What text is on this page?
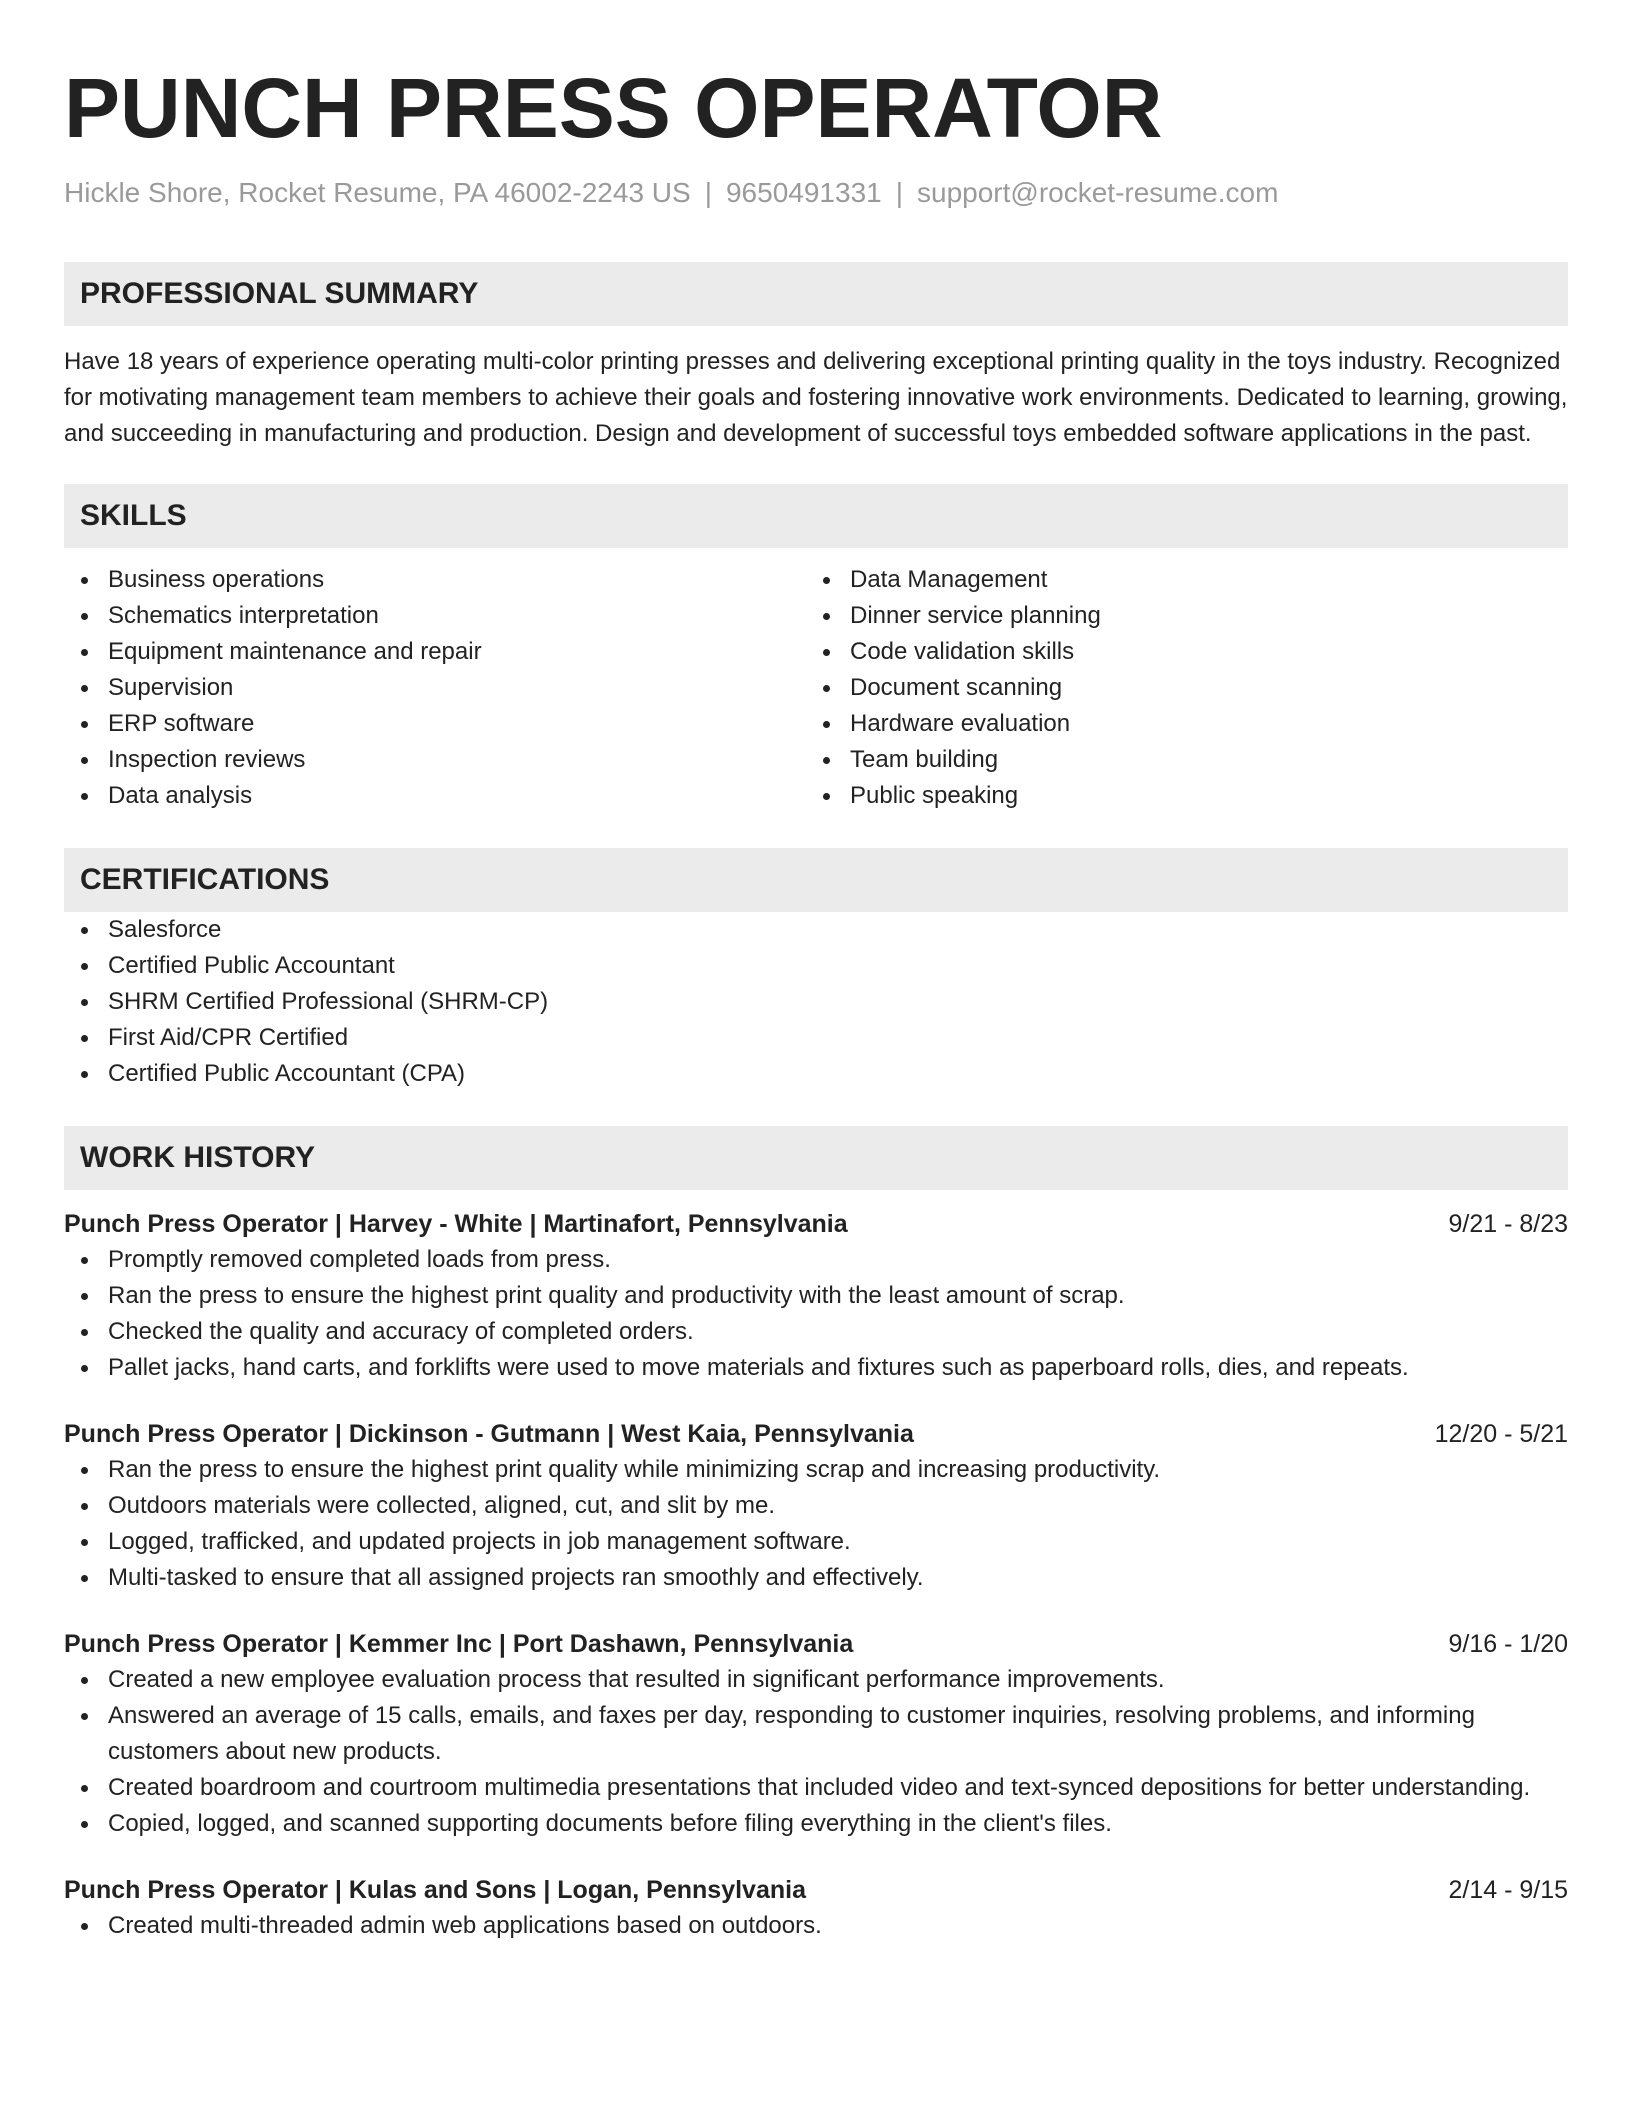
PUNCH PRESS OPERATOR
Hickle Shore, Rocket Resume, PA 46002-2243 US | 9650491331 | support@rocket-resume.com
PROFESSIONAL SUMMARY
Have 18 years of experience operating multi-color printing presses and delivering exceptional printing quality in the toys industry. Recognized for motivating management team members to achieve their goals and fostering innovative work environments. Dedicated to learning, growing, and succeeding in manufacturing and production. Design and development of successful toys embedded software applications in the past.
SKILLS
Business operations
Schematics interpretation
Equipment maintenance and repair
Supervision
ERP software
Inspection reviews
Data analysis
Data Management
Dinner service planning
Code validation skills
Document scanning
Hardware evaluation
Team building
Public speaking
CERTIFICATIONS
Salesforce
Certified Public Accountant
SHRM Certified Professional (SHRM-CP)
First Aid/CPR Certified
Certified Public Accountant (CPA)
WORK HISTORY
Punch Press Operator | Harvey - White | Martinafort, Pennsylvania	9/21 - 8/23
Promptly removed completed loads from press.
Ran the press to ensure the highest print quality and productivity with the least amount of scrap.
Checked the quality and accuracy of completed orders.
Pallet jacks, hand carts, and forklifts were used to move materials and fixtures such as paperboard rolls, dies, and repeats.
Punch Press Operator | Dickinson - Gutmann | West Kaia, Pennsylvania	12/20 - 5/21
Ran the press to ensure the highest print quality while minimizing scrap and increasing productivity.
Outdoors materials were collected, aligned, cut, and slit by me.
Logged, trafficked, and updated projects in job management software.
Multi-tasked to ensure that all assigned projects ran smoothly and effectively.
Punch Press Operator | Kemmer Inc | Port Dashawn, Pennsylvania	9/16 - 1/20
Created a new employee evaluation process that resulted in significant performance improvements.
Answered an average of 15 calls, emails, and faxes per day, responding to customer inquiries, resolving problems, and informing customers about new products.
Created boardroom and courtroom multimedia presentations that included video and text-synced depositions for better understanding.
Copied, logged, and scanned supporting documents before filing everything in the client's files.
Punch Press Operator | Kulas and Sons | Logan, Pennsylvania	2/14 - 9/15
Created multi-threaded admin web applications based on outdoors.
